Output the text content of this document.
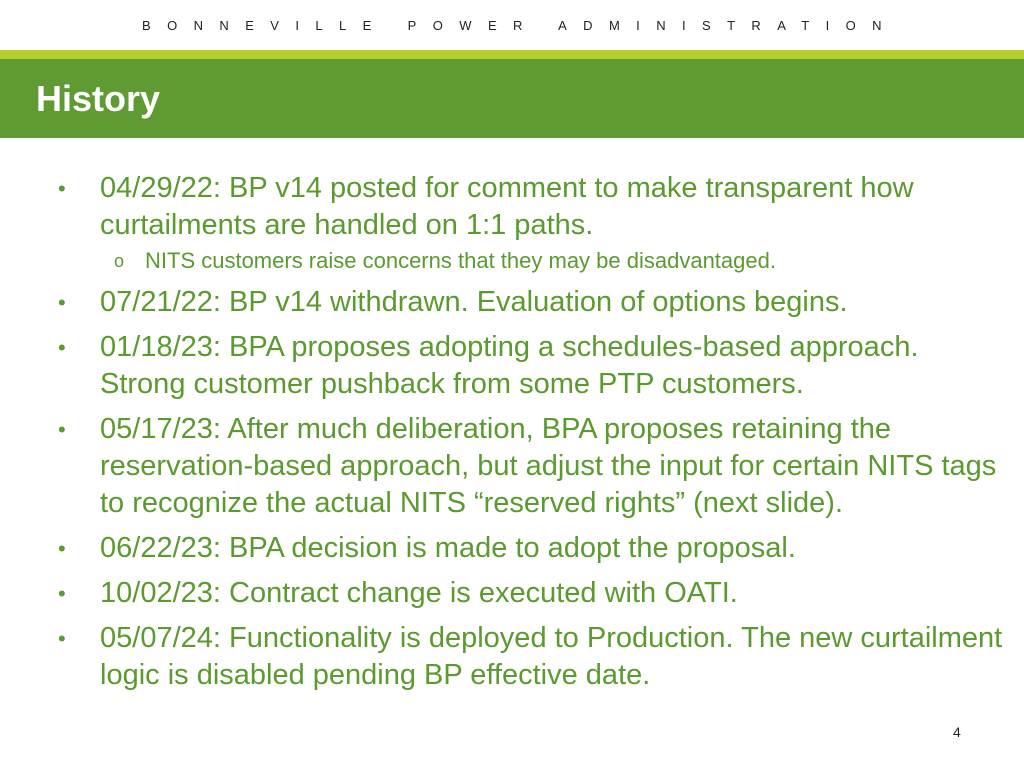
BONNEVILLE POWER ADMINISTRATION
History
• 04/29/22: BP v14 posted for comment to make transparent how curtailments are handled on 1:1 paths.
o NITS customers raise concerns that they may be disadvantaged.
• 07/21/22: BP v14 withdrawn. Evaluation of options begins.
• 01/18/23: BPA proposes adopting a schedules-based approach. Strong customer pushback from some PTP customers.
• 05/17/23: After much deliberation, BPA proposes retaining the reservation-based approach, but adjust the input for certain NITS tags to recognize the actual NITS “reserved rights” (next slide).
• 06/22/23: BPA decision is made to adopt the proposal.
• 10/02/23: Contract change is executed with OATI.
• 05/07/24: Functionality is deployed to Production. The new curtailment logic is disabled pending BP effective date.
4
